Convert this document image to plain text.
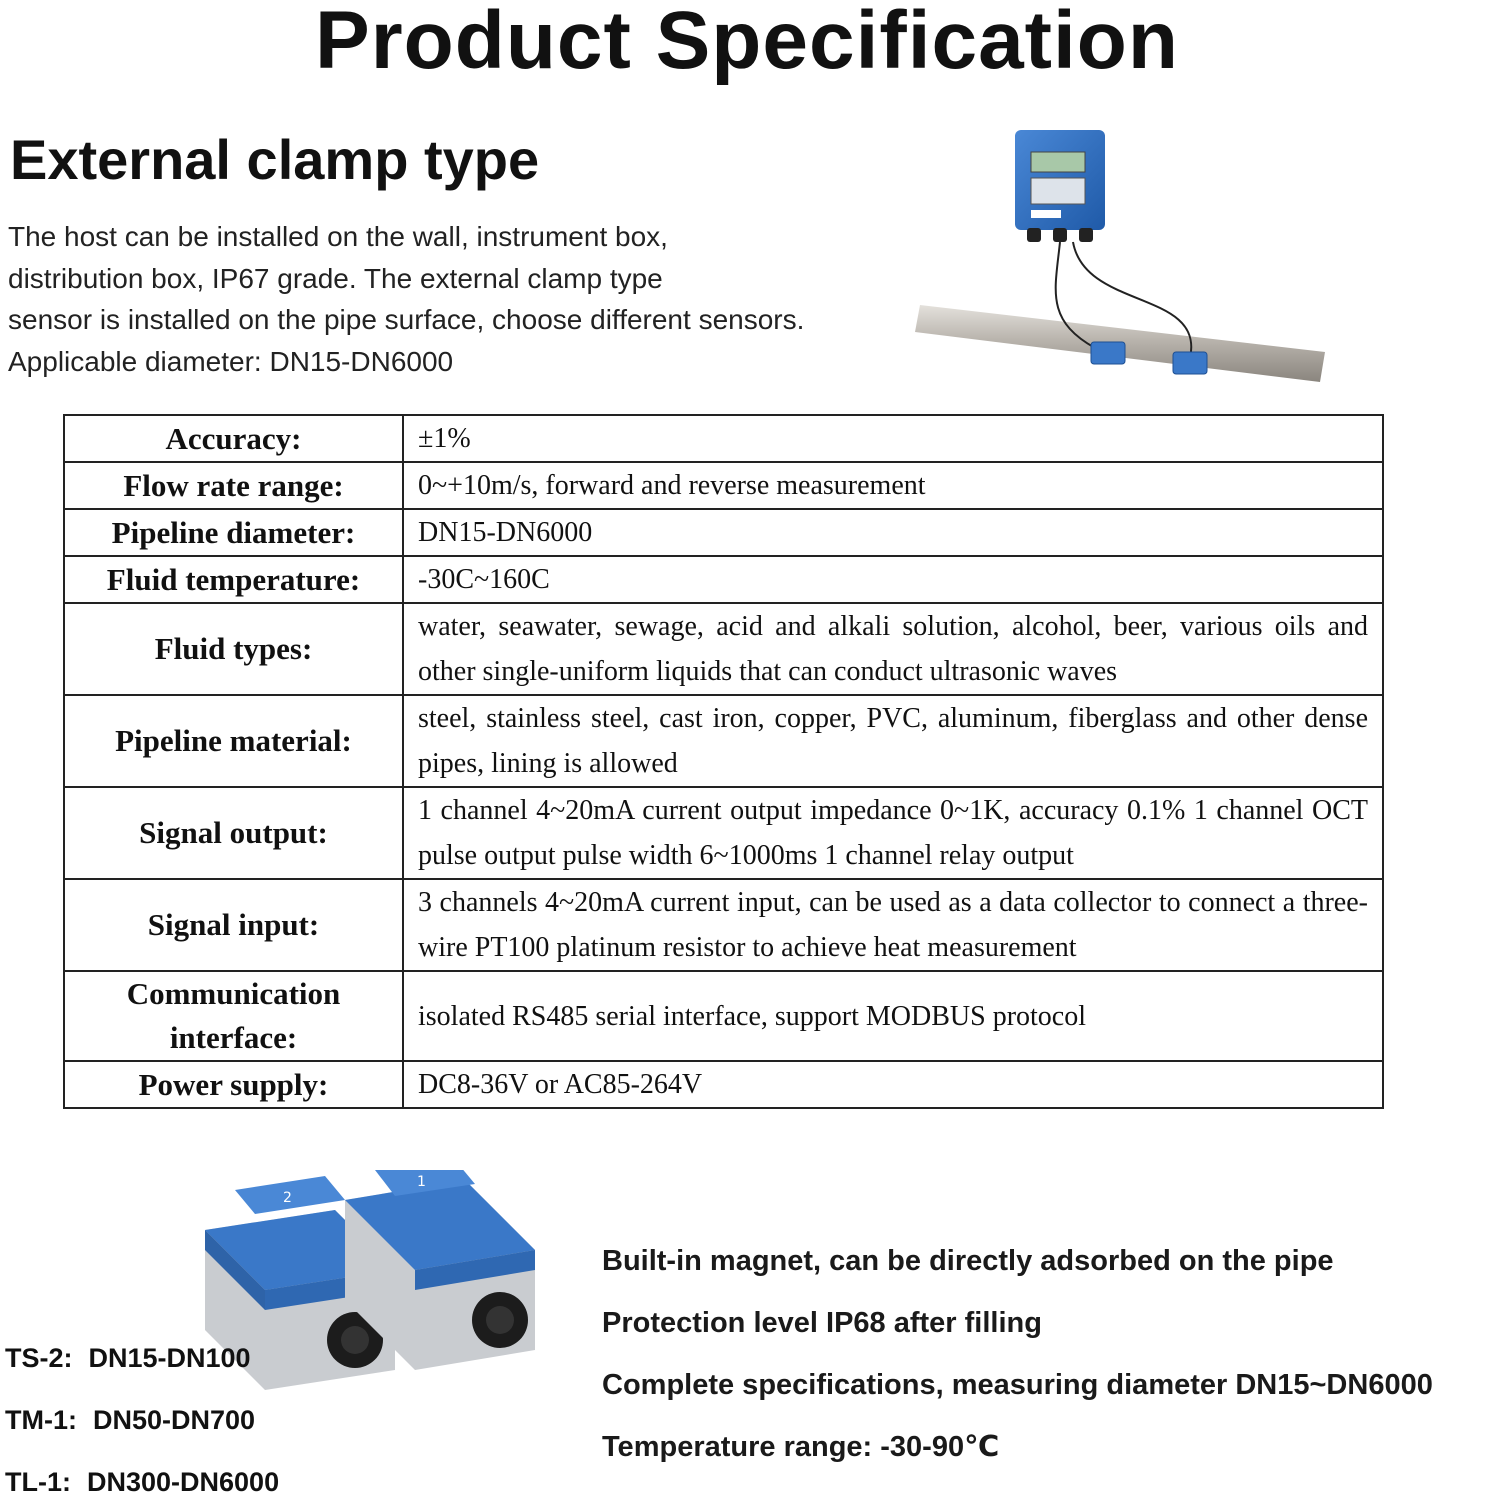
Product Specification
External clamp type
The host can be installed on the wall, instrument box,
distribution box, IP67 grade. The external clamp type
sensor is installed on the pipe surface, choose different sensors.
Applicable diameter: DN15-DN6000
Accuracy:	±1%
Flow rate range:	0~+10m/s, forward and reverse measurement
Pipeline diameter:	DN15-DN6000
Fluid temperature:	-30C~160C
Fluid types:	water, seawater, sewage, acid and alkali solution, alcohol, beer, various oils and other single-uniform liquids that can conduct ultrasonic waves
Pipeline material:	steel, stainless steel, cast iron, copper, PVC, aluminum, fiberglass and other dense pipes, lining is allowed
Signal output:	1 channel 4~20mA current output impedance 0~1K, accuracy 0.1% 1 channel OCT pulse output pulse width 6~1000ms 1 channel relay output
Signal input:	3 channels 4~20mA current input, can be used as a data collector to connect a three-wire PT100 platinum resistor to achieve heat measurement
Communication interface:	isolated RS485 serial interface, support MODBUS protocol
Power supply:	DC8-36V or AC85-264V
2
1
TS-2: DN15-DN100
TM-1: DN50-DN700
TL-1: DN300-DN6000
Built-in magnet, can be directly adsorbed on the pipe
Protection level IP68 after filling
Complete specifications, measuring diameter DN15~DN6000
Temperature range: -30-90℃
